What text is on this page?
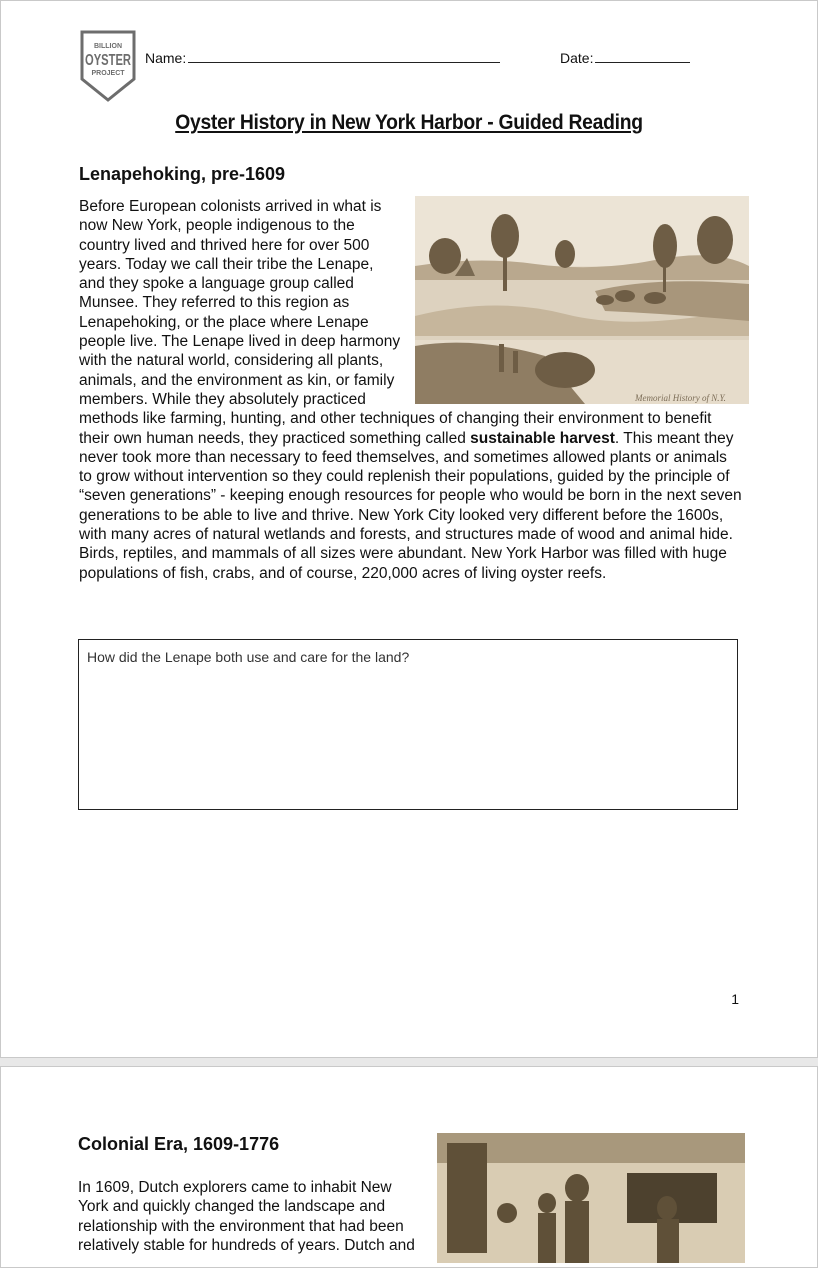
BILLION
OYSTER
PROJECT
Name:	Date:
Oyster History in New York Harbor - Guided Reading
Lenapehoking, pre-1609

Memorial History of N.Y.
Before European colonists arrived in what is now New York, people indigenous to the country lived and thrived here for over 500 years. Today we call their tribe the Lenape, and they spoke a language group called Munsee. They referred to this region as Lenapehoking, or the place where Lenape people live. The Lenape lived in deep harmony with the natural world, considering all plants, animals, and the environment as kin, or family members. While they absolutely practiced methods like farming, hunting, and other techniques of changing their environment to benefit their own human needs, they practiced something called sustainable harvest. This meant they never took more than necessary to feed themselves, and sometimes allowed plants or animals to grow without intervention so they could replenish their populations, guided by the principle of “seven generations” - keeping enough resources for people who would be born in the next seven generations to be able to live and thrive. New York City looked very different before the 1600s, with many acres of natural wetlands and forests, and structures made of wood and animal hide. Birds, reptiles, and mammals of all sizes were abundant. New York Harbor was filled with huge populations of fish, crabs, and of course, 220,000 acres of living oyster reefs.

How did the Lenape both use and care for the land?
1
Colonial Era, 1609-1776

In 1609, Dutch explorers came to inhabit New York and quickly changed the landscape and relationship with the environment that had been relatively stable for hundreds of years. Dutch and
